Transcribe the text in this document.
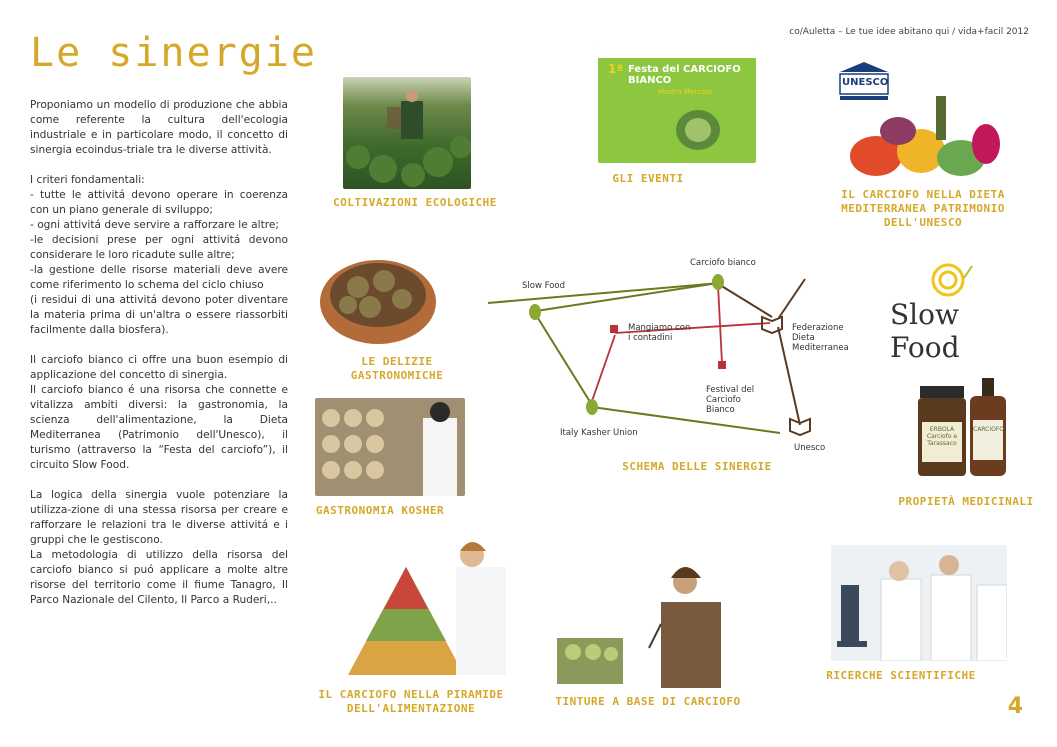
co/Auletta – Le tue idee abitano qui / vida+facil 2012
Le sinergie

Proponiamo un modello di produzione che abbia come referente la cultura dell'ecologia industriale e in particolare modo, il concetto di sinergia ecoindus-triale tra le diverse attività.

I criteri fondamentali:

- tutte le attivitá devono operare in coerenza con un piano generale di sviluppo;

- ogni attivitá deve servire a rafforzare le altre;

-le decisioni prese per ogni attivitá devono considerare le loro ricadute sulle altre;

-la gestione delle risorse materiali deve avere come riferimento lo schema del ciclo chiuso

(i residui di una attivitá devono poter diventare la materia prima di un'altra o essere riassorbiti facilmente dalla biosfera).

Il carciofo bianco ci offre una buon esempio di applicazione del concetto di sinergia.

Il carciofo bianco é una risorsa che connette e vitalizza ambiti diversi: la gastronomia, la scienza dell'alimentazione, la Dieta Mediterranea (Patrimonio dell'Unesco), il turismo (attraverso la “Festa del carciofo”), il circuito Slow Food.

La logica della sinergia vuole potenziare la utilizza-zione di una stessa risorsa per creare e rafforzare le relazioni tra le diverse attivitá e i gruppi che le gestiscono.

La metodologia di utilizzo della risorsa del carciofo bianco si puó applicare a molte altre risorse del territorio come il fiume Tanagro, Il Parco Nazionale del Cilento, Il Parco a Ruderi,..

COLTIVAZIONI ECOLOGICHE
1ª Festa del CARCIOFO BIANCO
Mostra Mercato
GLI EVENTI
UNESCO
IL CARCIOFO NELLA DIETA MEDITERRANEA PATRIMONIO DELL'UNESCO
LE DELIZIE GASTRONOMICHE
GASTRONOMIA KOSHER
Slow Food
Carciofo bianco
Mangiamo con i contadini
Federazione Dieta Mediterranea
Festival del Carciofo Bianco
Italy Kasher Union
Unesco
SCHEMA DELLE SINERGIE
Slow Food
ERBOLA Carciofo e Tarassaco
CARCIOFO
PROPIETÀ MEDICINALI
IL CARCIOFO NELLA PIRAMIDE DELL'ALIMENTAZIONE
TINTURE A BASE DI CARCIOFO
RICERCHE SCIENTIFICHE
4
